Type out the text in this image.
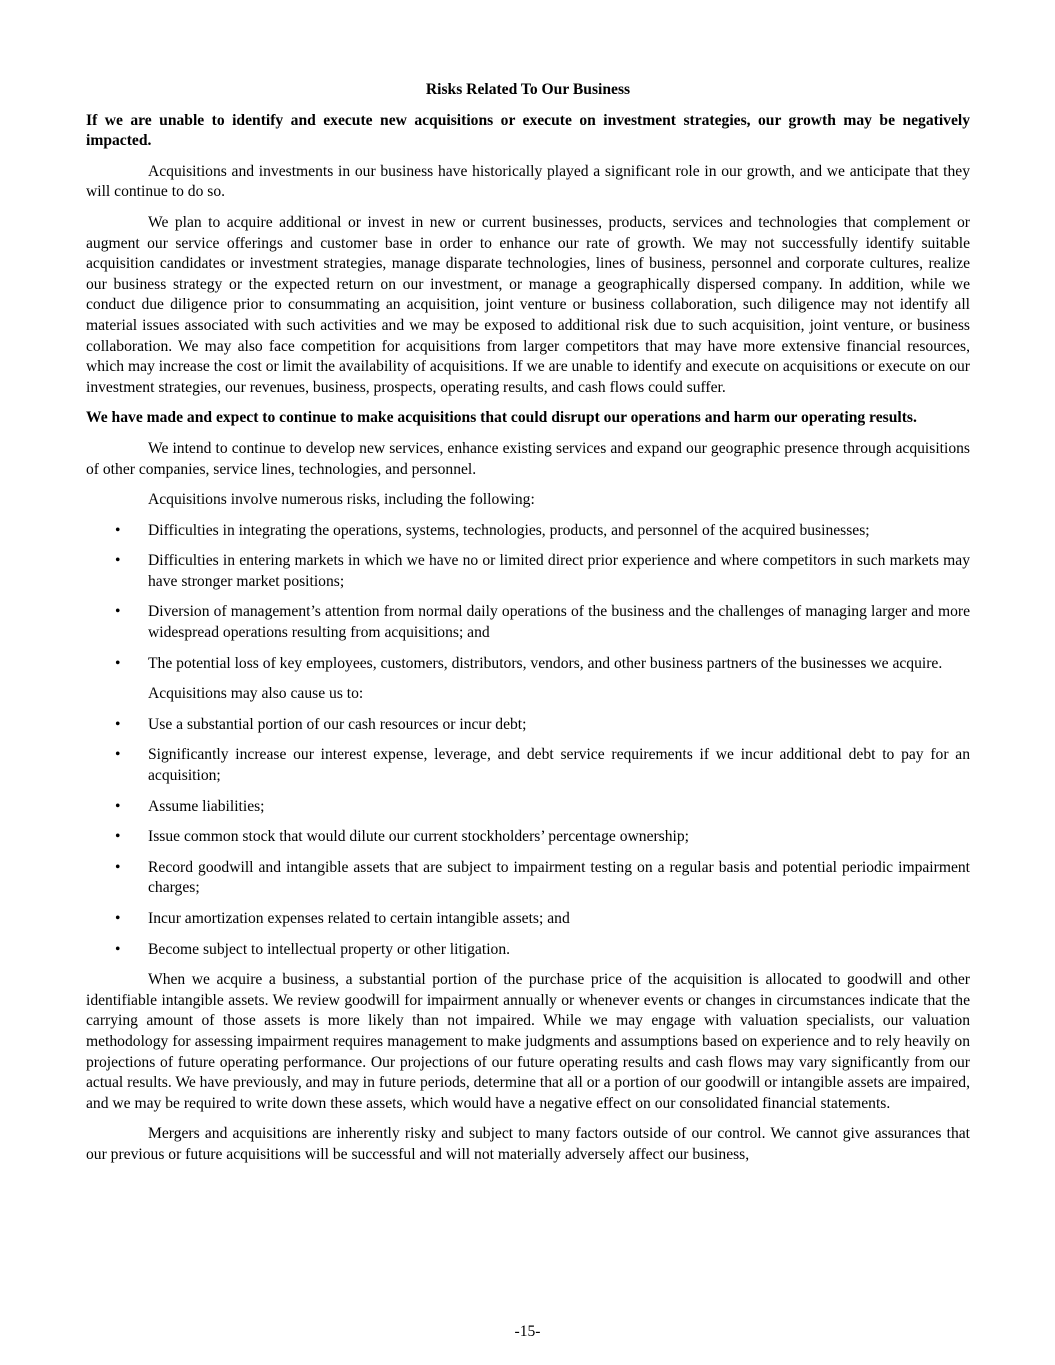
Risks Related To Our Business
If we are unable to identify and execute new acquisitions or execute on investment strategies, our growth may be negatively impacted.

Acquisitions and investments in our business have historically played a significant role in our growth, and we anticipate that they will continue to do so.

We plan to acquire additional or invest in new or current businesses, products, services and technologies that complement or augment our service offerings and customer base in order to enhance our rate of growth. We may not successfully identify suitable acquisition candidates or investment strategies, manage disparate technologies, lines of business, personnel and corporate cultures, realize our business strategy or the expected return on our investment, or manage a geographically dispersed company. In addition, while we conduct due diligence prior to consummating an acquisition, joint venture or business collaboration, such diligence may not identify all material issues associated with such activities and we may be exposed to additional risk due to such acquisition, joint venture, or business collaboration. We may also face competition for acquisitions from larger competitors that may have more extensive financial resources, which may increase the cost or limit the availability of acquisitions. If we are unable to identify and execute on acquisitions or execute on our investment strategies, our revenues, business, prospects, operating results, and cash flows could suffer.

We have made and expect to continue to make acquisitions that could disrupt our operations and harm our operating results.

We intend to continue to develop new services, enhance existing services and expand our geographic presence through acquisitions of other companies, service lines, technologies, and personnel.

Acquisitions involve numerous risks, including the following:

• Difficulties in integrating the operations, systems, technologies, products, and personnel of the acquired businesses;
• Difficulties in entering markets in which we have no or limited direct prior experience and where competitors in such markets may have stronger market positions;
• Diversion of management’s attention from normal daily operations of the business and the challenges of managing larger and more widespread operations resulting from acquisitions; and
• The potential loss of key employees, customers, distributors, vendors, and other business partners of the businesses we acquire.

Acquisitions may also cause us to:

• Use a substantial portion of our cash resources or incur debt;
• Significantly increase our interest expense, leverage, and debt service requirements if we incur additional debt to pay for an acquisition;
• Assume liabilities;
• Issue common stock that would dilute our current stockholders’ percentage ownership;
• Record goodwill and intangible assets that are subject to impairment testing on a regular basis and potential periodic impairment charges;
• Incur amortization expenses related to certain intangible assets; and
• Become subject to intellectual property or other litigation.

When we acquire a business, a substantial portion of the purchase price of the acquisition is allocated to goodwill and other identifiable intangible assets. We review goodwill for impairment annually or whenever events or changes in circumstances indicate that the carrying amount of those assets is more likely than not impaired. While we may engage with valuation specialists, our valuation methodology for assessing impairment requires management to make judgments and assumptions based on experience and to rely heavily on projections of future operating performance. Our projections of our future operating results and cash flows may vary significantly from our actual results. We have previously, and may in future periods, determine that all or a portion of our goodwill or intangible assets are impaired, and we may be required to write down these assets, which would have a negative effect on our consolidated financial statements.

Mergers and acquisitions are inherently risky and subject to many factors outside of our control. We cannot give assurances that our previous or future acquisitions will be successful and will not materially adversely affect our business,

-15-
